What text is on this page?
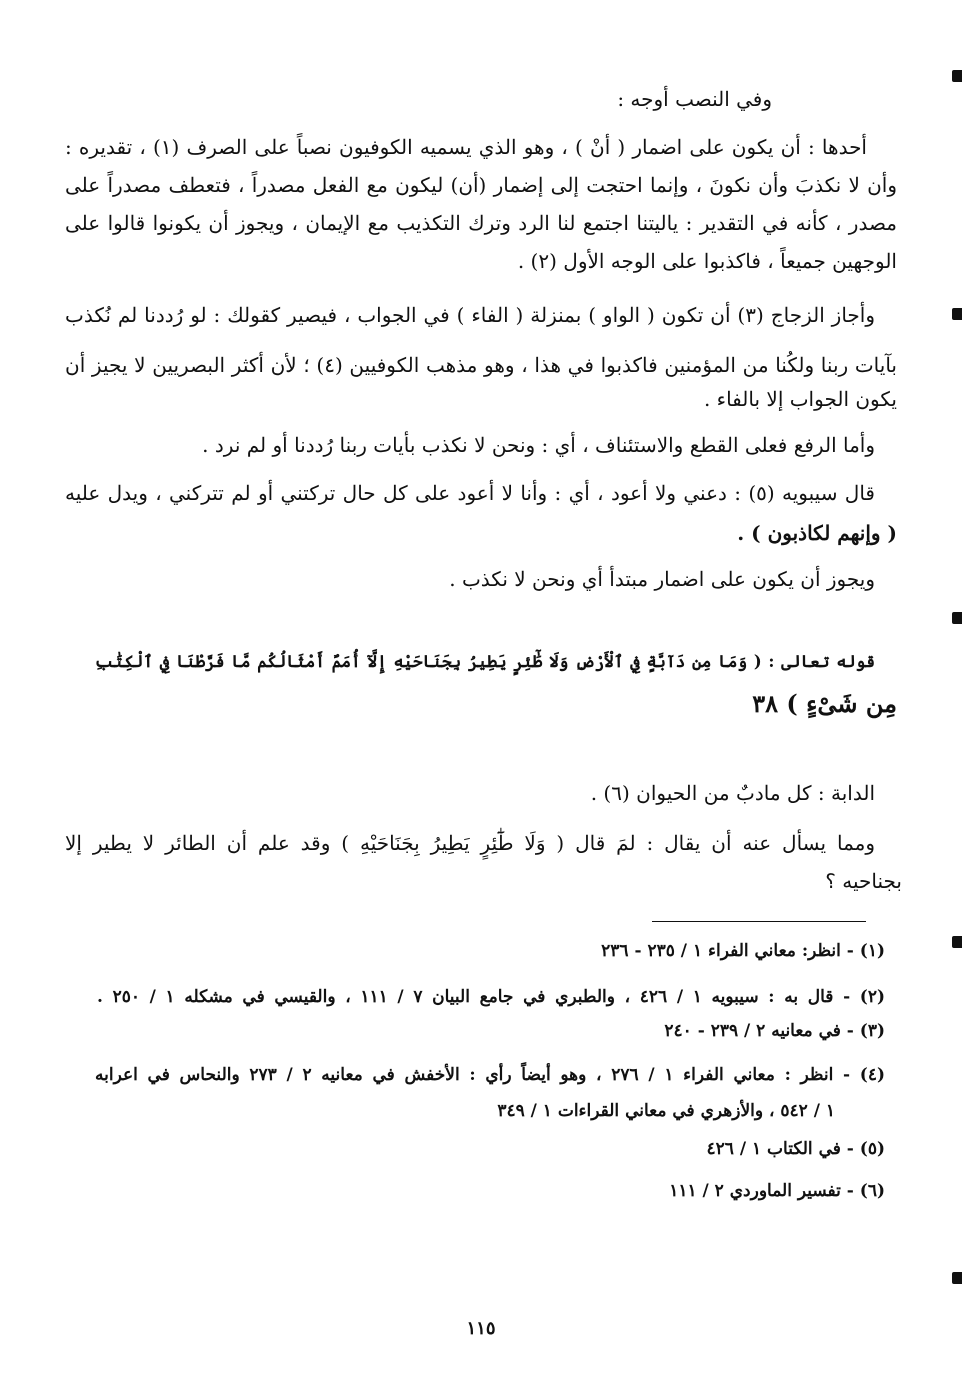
وفي النصب أوجه :
أحدها : أن يكون على اضمار ( أنْ ) ، وهو الذي يسميه الكوفيون نصباً على الصرف (١) ، تقديره :
وأن لا نكذبَ وأن نكونَ ، وإنما احتجت إلى إضمار (أن) ليكون مع الفعل مصدراً ، فتعطف مصدراً على
مصدر ، كأنه في التقدير : ياليتنا اجتمع لنا الرد وترك التكذيب مع الإيمان ، ويجوز أن يكونوا قالوا على
الوجهين جميعاً ، فاكذبوا على الوجه الأول (٢) .
وأجاز الزجاج (٣) أن تكون ( الواو ) بمنزلة ( الفاء ) في الجواب ، فيصير كقولك : لو رُددنا لم نُكذب
بآيات ربنا ولكُنا من المؤمنين فاكذبوا في هذا ، وهو مذهب الكوفيين (٤) ؛ لأن أكثر البصريين لا يجيز أن
يكون الجواب إلا بالفاء .
وأما الرفع فعلى القطع والاستئناف ، أي : ونحن لا نكذب بأيات ربنا رُددنا أو لم نرد .
قال سيبويه (٥) : دعني ولا أعود ، أي : وأنا لا أعود على كل حال تركتني أو لم تتركني ، ويدل عليه
( وإنهم لكاذبون ) .
ويجوز أن يكون على اضمار مبتدأ أي ونحن لا نكذب .
قوله تعالى : ( وَمَا مِن دَآبَّةٍ فِي ٱلْأَرْضِ وَلَا طَٰٓئِرٍ يَطِيرُ بِجَنَاحَيْهِ إِلَّآ أُمَمٌ أَمْثَالُكُم مَّا فَرَّطْنَا فِي ٱلْكِتَٰبِ
مِن شَىْءٍ ) ٣٨
الدابة : كل مادبٌ من الحيوان (٦) .
ومما يسأل عنه أن يقال : لمَ قال ( وَلَا طَٰٓئِرٍ يَطِيرُ بِجَنَاحَيْهِ ) وقد علم أن الطائر لا يطير إلا
بجناحيه ؟
(١) - انظر: معاني الفراء ١ / ٢٣٥ - ٢٣٦
(٢) - قال به : سيبويه ١ / ٤٢٦ ، والطبري في جامع البيان ٧ / ١١١ ، والقيسي في مشكله ١ / ٢٥٠ .
(٣) - في معانيه ٢ / ٢٣٩ - ٢٤٠
(٤) - انظر : معاني الفراء ١ / ٢٧٦ ، وهو أيضاً رأي : الأخفش في معانيه ٢ / ٢٧٣ والنحاس في اعرابه
١ / ٥٤٢ ، والأزهري في معاني القراءات ١ / ٣٤٩
(٥) - في الكتاب ١ / ٤٢٦
(٦) - تفسير الماوردي ٢ / ١١١
١١٥
